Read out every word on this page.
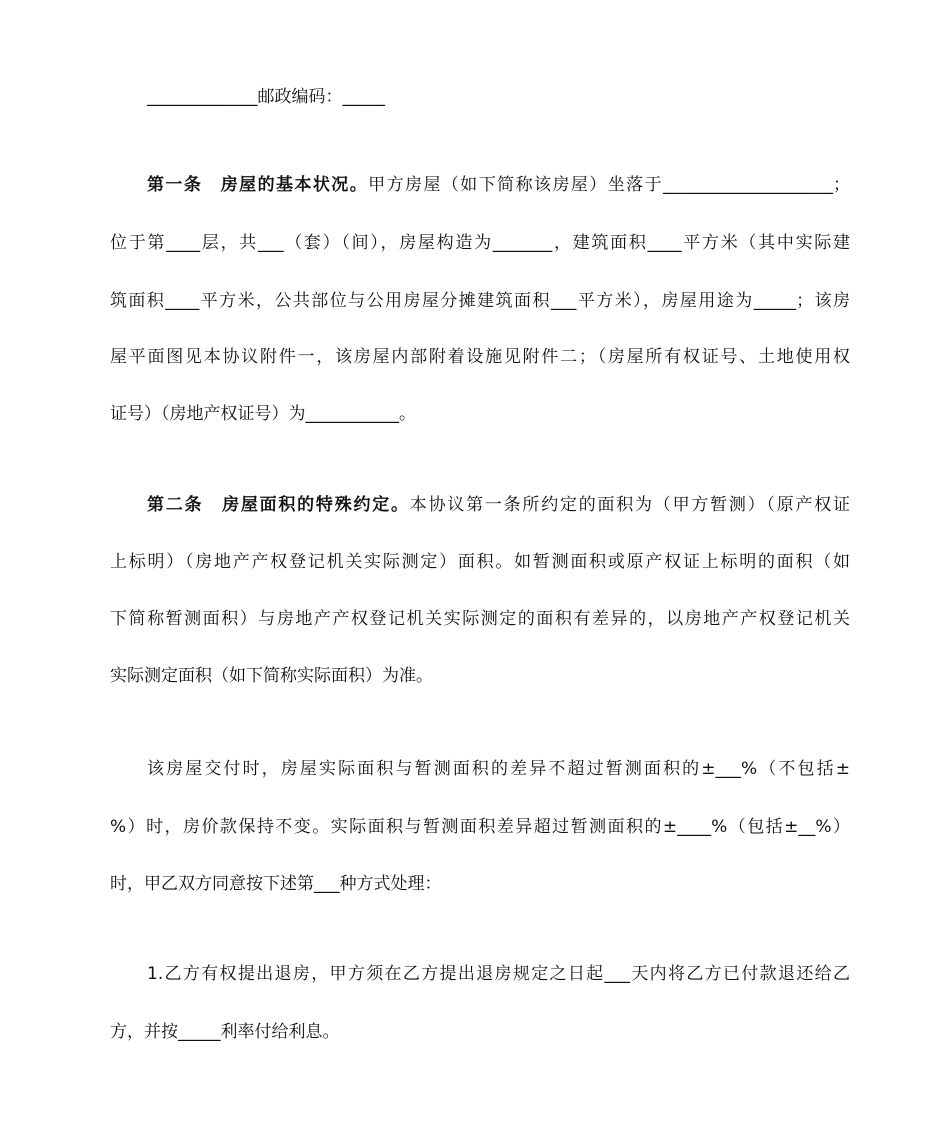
_____________邮政编码：_____
第一条　房屋的基本状况。甲方房屋（如下简称该房屋）坐落于____________________；
位于第____层，共___（套）（间），房屋构造为_______，建筑面积____平方米（其中实际建
筑面积____平方米，公共部位与公用房屋分摊建筑面积___平方米），房屋用途为_____；该房
屋平面图见本协议附件一，该房屋内部附着设施见附件二；（房屋所有权证号、土地使用权
证号）（房地产权证号）为___________。
第二条　房屋面积的特殊约定。本协议第一条所约定的面积为（甲方暂测）（原产权证
上标明）（房地产产权登记机关实际测定）面积。如暂测面积或原产权证上标明的面积（如
下简称暂测面积）与房地产产权登记机关实际测定的面积有差异的，以房地产产权登记机关
实际测定面积（如下简称实际面积）为准。
该房屋交付时，房屋实际面积与暂测面积的差异不超过暂测面积的±___%（不包括±
%）时，房价款保持不变。实际面积与暂测面积差异超过暂测面积的±____%（包括±__%）
时，甲乙双方同意按下述第___种方式处理：
1.乙方有权提出退房，甲方须在乙方提出退房规定之日起___天内将乙方已付款退还给乙
方，并按_____利率付给利息。
